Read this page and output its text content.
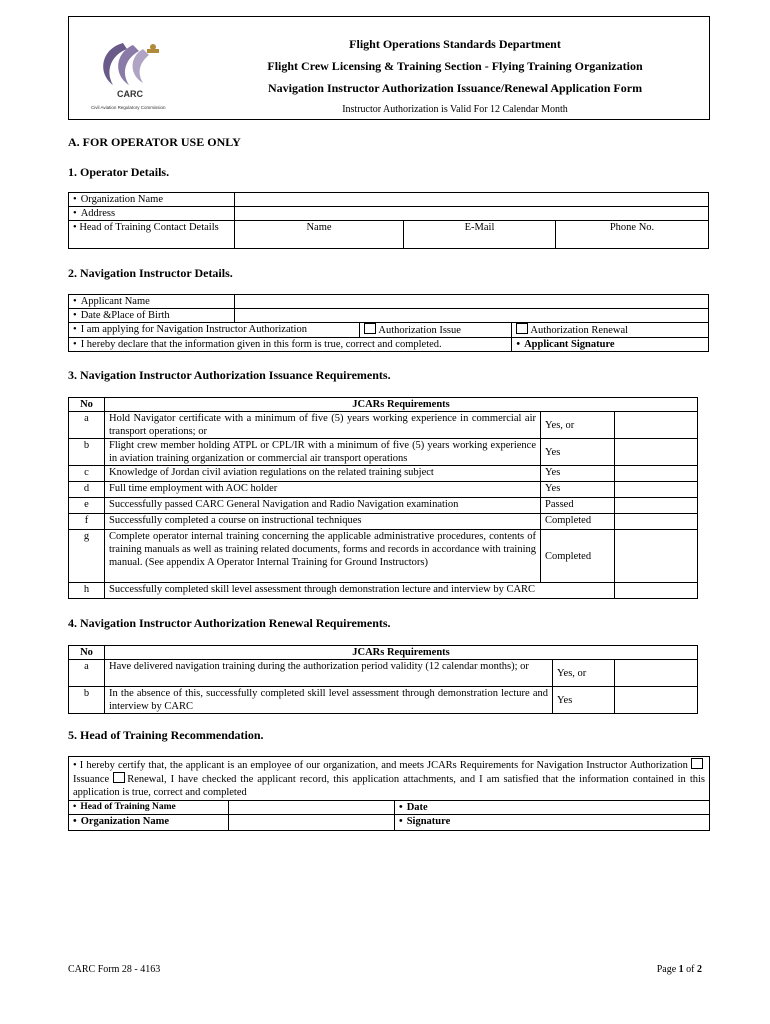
CARC
Civil Aviation Regulatory Commission
Flight Operations Standards Department
Flight Crew Licensing & Training Section - Flying Training Organization
Navigation Instructor Authorization Issuance/Renewal Application Form
Instructor Authorization is Valid For 12 Calendar Month
A. FOR OPERATOR USE ONLY
1. Operator Details.
• Organization Name	
• Address	

• Head of Training Contact Details	Name	E-Mail	Phone No.
2. Navigation Instructor Details.
• Applicant Name	
• Date &Place of Birth	
• I am applying for Navigation Instructor Authorization		Authorization Issue	Authorization Renewal
• I hereby declare that the information given in this form is true, correct and completed.			• Applicant Signature
3. Navigation Instructor Authorization Issuance Requirements.
No	JCARs Requirements		
a	Hold Navigator certificate with a minimum of five (5) years working experience in commercial air transport operations; or	Yes, or	
b	Flight crew member holding ATPL or CPL/IR with a minimum of five (5) years working experience in aviation training organization or commercial air transport operations	Yes	
c	Knowledge of Jordan civil aviation regulations on the related training subject	Yes	
d	Full time employment with AOC holder	Yes	
e	Successfully passed CARC General Navigation and Radio Navigation examination	Passed	
f	Successfully completed a course on instructional techniques	Completed	
g	Complete operator internal training concerning the applicable administrative procedures, contents of training manuals as well as training related documents, forms and records in accordance with training manual. (See appendix A Operator Internal Training for Ground Instructors)	Completed	
h	Successfully completed skill level assessment through demonstration lecture and interview by CARC		
4. Navigation Instructor Authorization Renewal Requirements.
No	JCARs Requirements		
a	Have delivered navigation training during the authorization period validity (12 calendar months); or	Yes, or	
b	In the absence of this, successfully completed skill level assessment through demonstration lecture and interview by CARC	Yes	
5. Head of Training Recommendation.
• I hereby certify that, the applicant is an employee of our organization, and meets JCARs Requirements for Navigation Instructor Authorization Issuance Renewal, I have checked the applicant record, this application attachments, and I am satisfied that the information contained in this application is true, correct and completed		
• Head of Training Name		• Date
• Organization Name		• Signature
CARC Form 28 - 4163	Page 1 of 2
